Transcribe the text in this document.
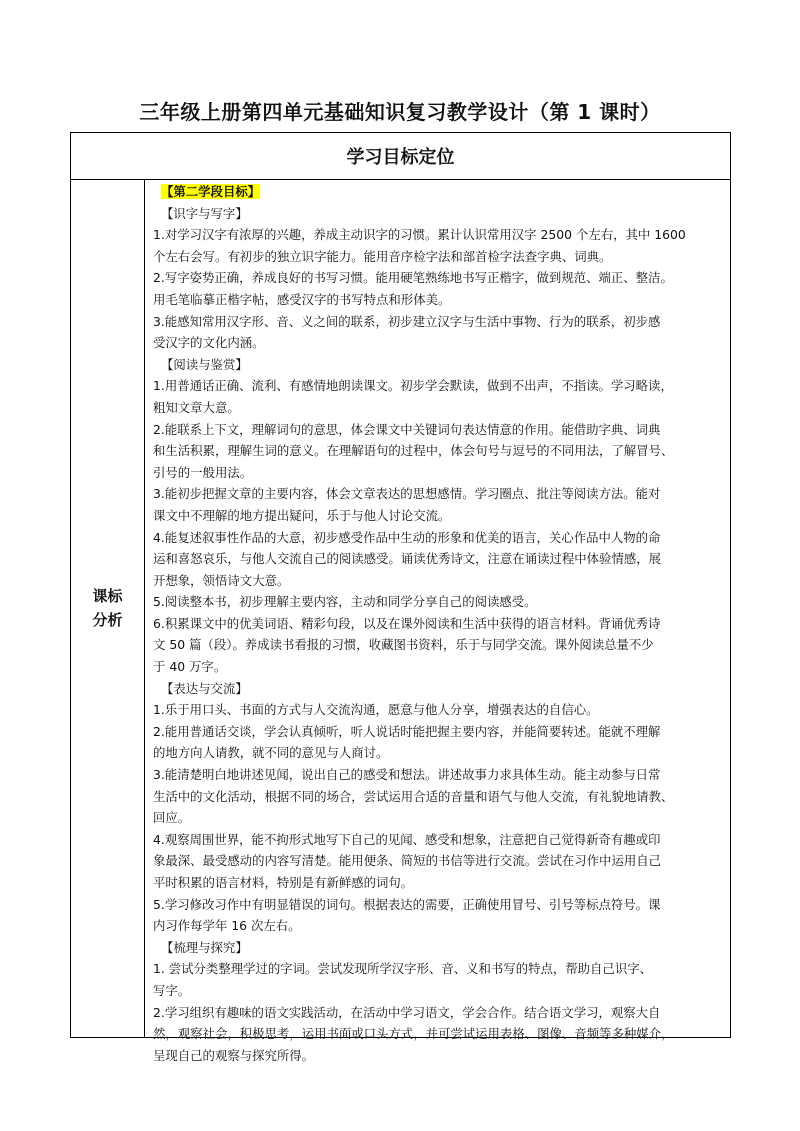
三年级上册第四单元基础知识复习教学设计（第 1 课时）
学习目标定位
课标
分析
【第二学段目标】
【识字与写字】
1.对学习汉字有浓厚的兴趣，养成主动识字的习惯。累计认识常用汉字 2500 个左右，其中 1600
个左右会写。有初步的独立识字能力。能用音序检字法和部首检字法查字典、词典。
2.写字姿势正确，养成良好的书写习惯。能用硬笔熟练地书写正楷字，做到规范、端正、整洁。
用毛笔临摹正楷字帖，感受汉字的书写特点和形体美。
3.能感知常用汉字形、音、义之间的联系，初步建立汉字与生活中事物、行为的联系，初步感
受汉字的文化内涵。
【阅读与鉴赏】
1.用普通话正确、流利、有感情地朗读课文。初步学会默读，做到不出声，不指读。学习略读，
粗知文章大意。
2.能联系上下文，理解词句的意思，体会课文中关键词句表达情意的作用。能借助字典、词典
和生活积累，理解生词的意义。在理解语句的过程中，体会句号与逗号的不同用法，了解冒号、
引号的一般用法。
3.能初步把握文章的主要内容，体会文章表达的思想感情。学习圈点、批注等阅读方法。能对
课文中不理解的地方提出疑问，乐于与他人讨论交流。
4.能复述叙事性作品的大意，初步感受作品中生动的形象和优美的语言，关心作品中人物的命
运和喜怒哀乐，与他人交流自己的阅读感受。诵读优秀诗文，注意在诵读过程中体验情感，展
开想象，领悟诗文大意。
5.阅读整本书，初步理解主要内容，主动和同学分享自己的阅读感受。
6.积累课文中的优美词语、精彩句段，以及在课外阅读和生活中获得的语言材料。背诵优秀诗
文 50 篇（段）。养成读书看报的习惯，收藏图书资料，乐于与同学交流。课外阅读总量不少
于 40 万字。
【表达与交流】
1.乐于用口头、书面的方式与人交流沟通，愿意与他人分享，增强表达的自信心。
2.能用普通话交谈，学会认真倾听，听人说话时能把握主要内容，并能简要转述。能就不理解
的地方向人请教，就不同的意见与人商讨。
3.能清楚明白地讲述见闻，说出自己的感受和想法。讲述故事力求具体生动。能主动参与日常
生活中的文化活动，根据不同的场合，尝试运用合适的音量和语气与他人交流，有礼貌地请教、
回应。
4.观察周围世界，能不拘形式地写下自己的见闻、感受和想象，注意把自己觉得新奇有趣或印
象最深、最受感动的内容写清楚。能用便条、简短的书信等进行交流。尝试在习作中运用自己
平时积累的语言材料，特别是有新鲜感的词句。
5.学习修改习作中有明显错误的词句。根据表达的需要，正确使用冒号、引号等标点符号。课
内习作每学年 16 次左右。
【梳理与探究】
1. 尝试分类整理学过的字词。尝试发现所学汉字形、音、义和书写的特点，帮助自己识字、
写字。
2.学习组织有趣味的语文实践活动，在活动中学习语文，学会合作。结合语文学习，观察大自
然，观察社会，积极思考，运用书面或口头方式，并可尝试运用表格、图像、音频等多种媒介，
呈现自己的观察与探究所得。
